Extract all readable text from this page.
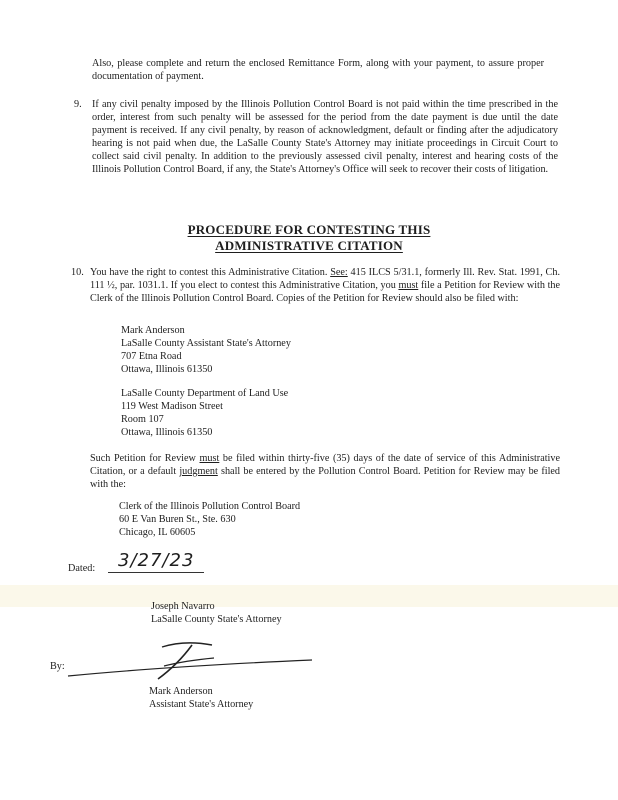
Also, please complete and return the enclosed Remittance Form, along with your payment, to assure proper documentation of payment.

9. If any civil penalty imposed by the Illinois Pollution Control Board is not paid within the time prescribed in the order, interest from such penalty will be assessed for the period from the date payment is due until the date payment is received. If any civil penalty, by reason of acknowledgment, default or finding after the adjudicatory hearing is not paid when due, the LaSalle County State's Attorney may initiate proceedings in Circuit Court to collect said civil penalty. In addition to the previously assessed civil penalty, interest and hearing costs of the Illinois Pollution Control Board, if any, the State's Attorney's Office will seek to recover their costs of litigation.

PROCEDURE FOR CONTESTING THIS
ADMINISTRATIVE CITATION
10. You have the right to contest this Administrative Citation. See: 415 ILCS 5/31.1, formerly Ill. Rev. Stat. 1991, Ch. 111 ½, par. 1031.1. If you elect to contest this Administrative Citation, you must file a Petition for Review with the Clerk of the Illinois Pollution Control Board. Copies of the Petition for Review should also be filed with:

Mark Anderson
LaSalle County Assistant State's Attorney
707 Etna Road
Ottawa, Illinois 61350
LaSalle County Department of Land Use
119 West Madison Street
Room 107
Ottawa, Illinois 61350

Such Petition for Review must be filed within thirty-five (35) days of the date of service of this Administrative Citation, or a default judgment shall be entered by the Pollution Control Board. Petition for Review may be filed with the:

Clerk of the Illinois Pollution Control Board
60 E Van Buren St., Ste. 630
Chicago, IL 60605
Dated: 3/27/23
Joseph Navarro
LaSalle County State's Attorney
By:
Mark Anderson
Assistant State's Attorney
